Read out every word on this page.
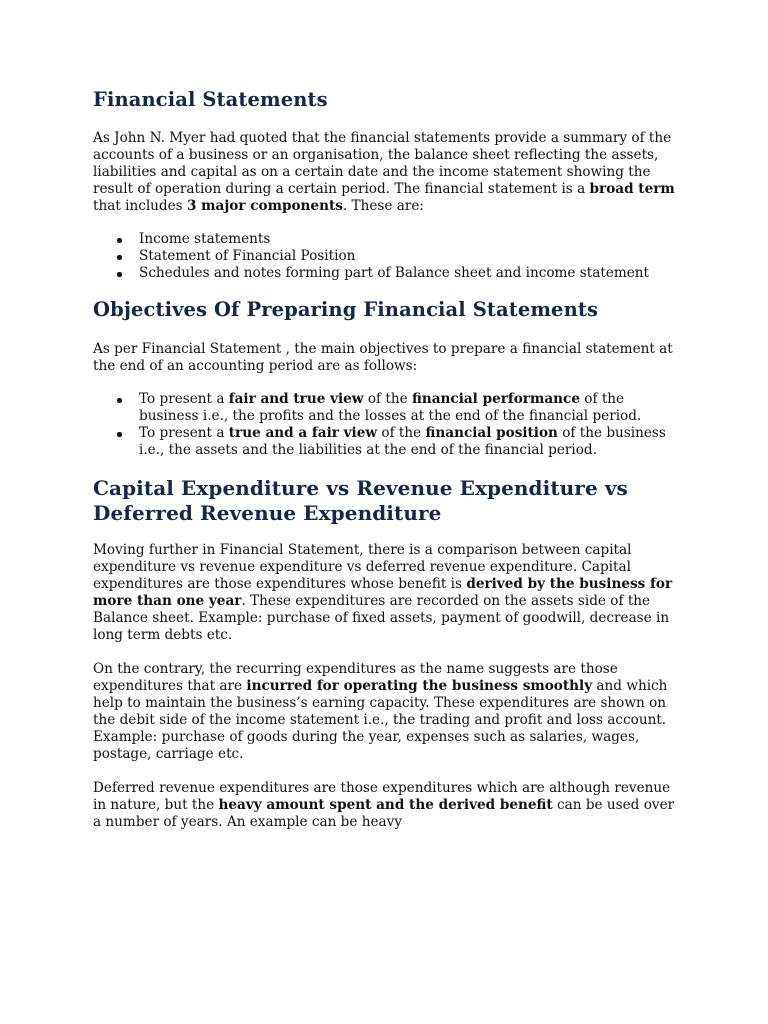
Financial Statements

As John N. Myer had quoted that the financial statements provide a summary of the accounts of a business or an organisation, the balance sheet reflecting the assets, liabilities and capital as on a certain date and the income statement showing the result of operation during a certain period. The financial statement is a broad term that includes 3 major components. These are:

Income statements
Statement of Financial Position
Schedules and notes forming part of Balance sheet and income statement
Objectives Of Preparing Financial Statements

As per Financial Statement , the main objectives to prepare a financial statement at the end of an accounting period are as follows:

To present a fair and true view of the financial performance of the business i.e., the profits and the losses at the end of the financial period.
To present a true and a fair view of the financial position of the business i.e., the assets and the liabilities at the end of the financial period.
Capital Expenditure vs Revenue Expenditure vs Deferred Revenue Expenditure

Moving further in Financial Statement, there is a comparison between capital expenditure vs revenue expenditure vs deferred revenue expenditure. Capital expenditures are those expenditures whose benefit is derived by the business for more than one year. These expenditures are recorded on the assets side of the Balance sheet. Example: purchase of fixed assets, payment of goodwill, decrease in long term debts etc.

On the contrary, the recurring expenditures as the name suggests are those expenditures that are incurred for operating the business smoothly and which help to maintain the business’s earning capacity. These expenditures are shown on the debit side of the income statement i.e., the trading and profit and loss account. Example: purchase of goods during the year, expenses such as salaries, wages, postage, carriage etc.

Deferred revenue expenditures are those expenditures which are although revenue in nature, but the heavy amount spent and the derived benefit can be used over a number of years. An example can be heavy
